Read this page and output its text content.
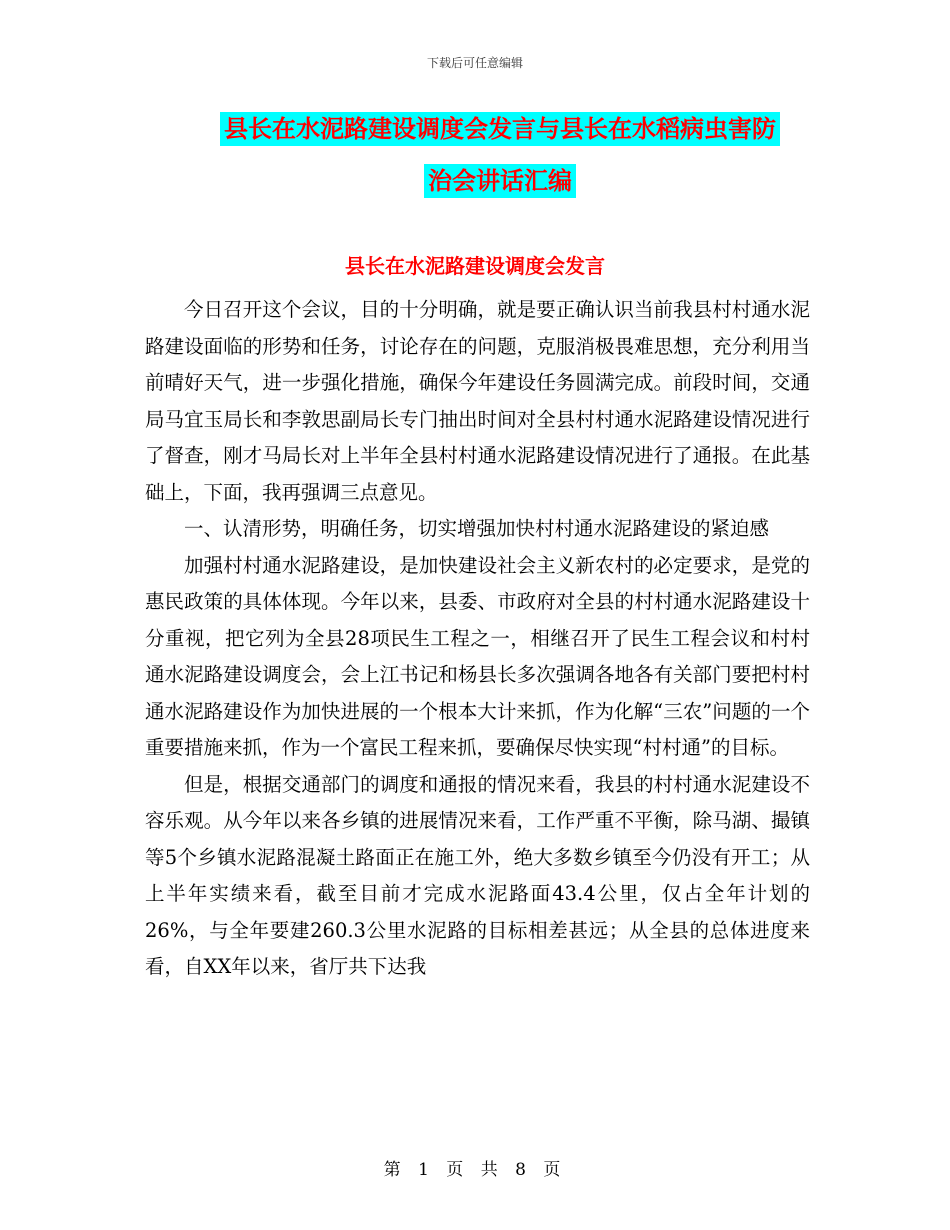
下载后可任意编辑
县长在水泥路建设调度会发言与县长在水稻病虫害防
治会讲话汇编
县长在水泥路建设调度会发言

今日召开这个会议，目的十分明确，就是要正确认识当前我县村村通水泥路建设面临的形势和任务，讨论存在的问题，克服消极畏难思想，充分利用当前晴好天气，进一步强化措施，确保今年建设任务圆满完成。前段时间，交通局马宜玉局长和李敦思副局长专门抽出时间对全县村村通水泥路建设情况进行了督查，刚才马局长对上半年全县村村通水泥路建设情况进行了通报。在此基础上，下面，我再强调三点意见。

一、认清形势，明确任务，切实增强加快村村通水泥路建设的紧迫感

加强村村通水泥路建设，是加快建设社会主义新农村的必定要求，是党的惠民政策的具体体现。今年以来，县委、市政府对全县的村村通水泥路建设十分重视，把它列为全县28项民生工程之一，相继召开了民生工程会议和村村通水泥路建设调度会，会上江书记和杨县长多次强调各地各有关部门要把村村通水泥路建设作为加快进展的一个根本大计来抓，作为化解“三农”问题的一个重要措施来抓，作为一个富民工程来抓，要确保尽快实现“村村通”的目标。

但是，根据交通部门的调度和通报的情况来看，我县的村村通水泥建设不容乐观。从今年以来各乡镇的进展情况来看，工作严重不平衡，除马湖、撮镇等5个乡镇水泥路混凝土路面正在施工外，绝大多数乡镇至今仍没有开工；从上半年实绩来看，截至目前才完成水泥路面43.4公里，仅占全年计划的26%，与全年要建260.3公里水泥路的目标相差甚远；从全县的总体进度来看，自XX年以来，省厅共下达我

第 1 页 共 8 页
